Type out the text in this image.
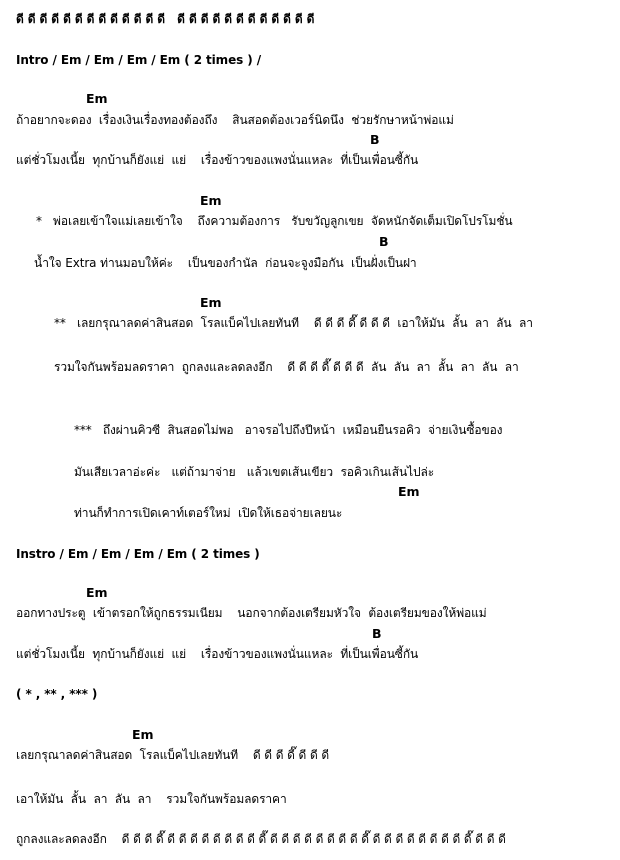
ดี ดี ดี ดี ดี ดี ดี ดี ดี ดี ดี ดี ดี   ดี ดี ดี ดี ดี ดี ดี ดี ดี ดี ดี ดี
Intro / Em / Em / Em / Em ( 2 times ) /
Em
ถ้าอยากจะดอง  เรื่องเงินเรื่องทองต้องถึง    สินสอดต้องเวอร์นิดนึง  ช่วยรักษาหน้าพ่อแม่
B
แต่ชั่วโมงเนี้ย  ทุกบ้านก็ยังแย่  แย่    เรื่องข้าวของแพงนั่นแหละ  ที่เป็นเพื่อนซี้กัน
Em
*   พ่อเลยเข้าใจแม่เลยเข้าใจ    ถึงความต้องการ   รับขวัญลูกเขย  จัดหนักจัดเต็มเปิดโปรโมชั่น
B
น้ำใจ Extra ท่านมอบให้ค่ะ    เป็นของกำนัล  ก่อนจะจูงมือกัน  เป็นฝั่งเป็นฝา
Em
**   เลยกรุณาลดค่าสินสอด  โรลแบ็คไปเลยทันที    ดี ดี ดี ดี๊ ดี ดี ดี  เอาให้มัน  ลั้น  ลา  ลัน  ลา
รวมใจกันพร้อมลดราคา  ถูกลงและลดลงอีก    ดี ดี ดี ดี๊ ดี ดี ดี  ลัน  ลัน  ลา  ลั้น  ลา  ลัน  ลา
***   ถึงผ่านคิวซี  สินสอดไม่พอ   อาจรอไปถึงปีหน้า  เหมือนยืนรอคิว  จ่ายเงินซื้อของ
มันเสียเวลาอ่ะค่ะ   แต่ถ้ามาจ่าย   แล้วเขตเส้นเขียว  รอคิวเกินเส้นไปล่ะ
Em
ท่านก็ทำการเปิดเคาท์เตอร์ใหม่  เปิดให้เธอจ่ายเลยนะ
Instro / Em / Em / Em / Em ( 2 times )
Em
ออกทางประตู  เข้าตรอกให้ถูกธรรมเนียม    นอกจากต้องเตรียมหัวใจ  ต้องเตรียมของให้พ่อแม่
B
แต่ชั่วโมงเนี้ย  ทุกบ้านก็ยังแย่  แย่    เรื่องข้าวของแพงนั่นแหละ  ที่เป็นเพื่อนซี้กัน
( * , ** , *** )
Em
เลยกรุณาลดค่าสินสอด  โรลแบ็คไปเลยทันที    ดี ดี ดี ดี๊ ดี ดี ดี
เอาให้มัน  ลั้น  ลา  ลัน  ลา    รวมใจกันพร้อมลดราคา
ถูกลงและลดลงอีก    ดี ดี ดี ดี๊ ดี ดี ดี ดี ดี ดี ดี ดี ดี๊ ดี ดี ดี ดี ดี ดี ดี ดี ดี๊ ดี ดี ดี ดี ดี ดี ดี ดี ดี๊ ดี ดี ดี
